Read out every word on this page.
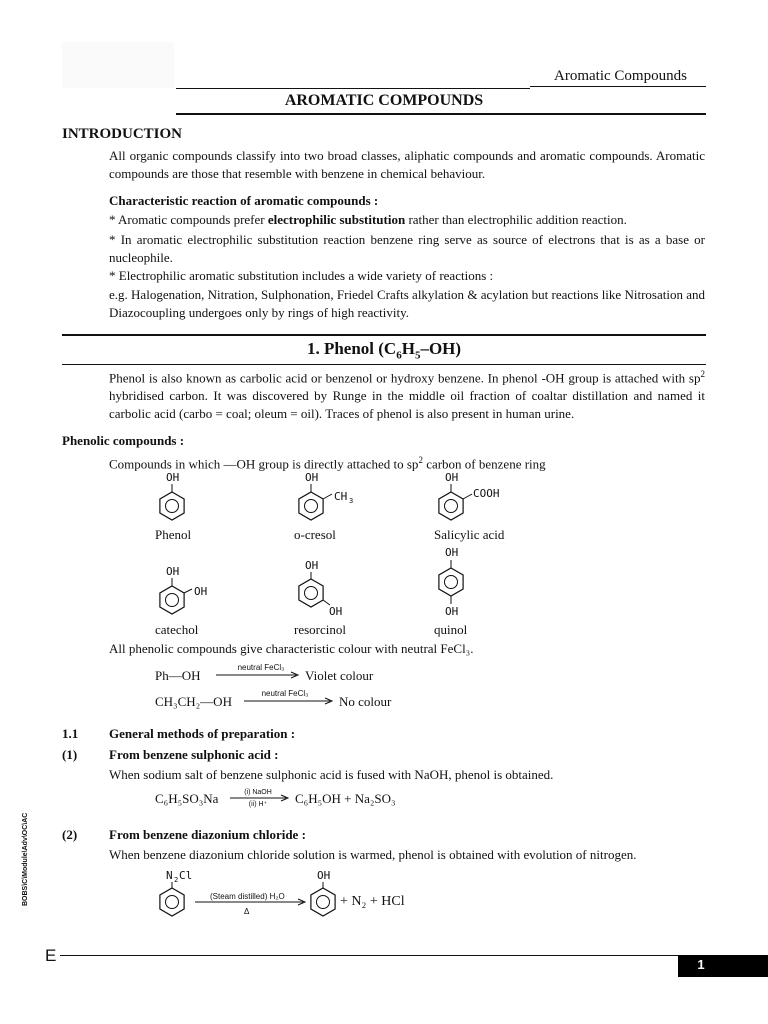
Aromatic Compounds
AROMATIC COMPOUNDS
INTRODUCTION
All organic compounds classify into two broad classes, aliphatic compounds and aromatic compounds. Aromatic compounds are those that resemble with benzene in chemical behaviour.
Characteristic reaction of aromatic compounds :
* Aromatic compounds prefer electrophilic substitution rather than electrophilic addition reaction.
* In aromatic electrophilic substitution reaction benzene ring serve as source of electrons that is as a base or nucleophile.
* Electrophilic aromatic substitution includes a wide variety of reactions :
e.g. Halogenation, Nitration, Sulphonation, Friedel Crafts alkylation & acylation but reactions like Nitrosation and Diazocoupling undergoes only by rings of high reactivity.
1. Phenol $(C_6H_5-OH)$
Phenol is also known as carbolic acid or benzenol or hydroxy benzene. In phenol -OH group is attached with $sp^2$ hybridised carbon. It was discovered by Runge in the middle oil fraction of coaltar distillation and named it carbolic acid (carbo = coal; oleum = oil). Traces of phenol is also present in human urine.
Phenolic compounds :
Compounds in which —OH group is directly attached to $sp^2$ carbon of benzene ring
OH	OH
CH 3
OH
COOH
OH
OH
OH
OH
OH
OH
Phenol	o-cresol	Salicylic acid
catechol	resorcinol	quinol
All phenolic compounds give characteristic colour with neutral FeCl₃.
Ph—OH
neutral FeCl₃
Violet colour
CH₃CH₂—OH
neutral FeCl₃
No colour
1.1 General methods of preparation :
(1) From benzene sulphonic acid :
When sodium salt of benzene sulphonic acid is fused with NaOH, phenol is obtained.
C₆H₅SO₃Na	(i) NaOH
(ii) H⁺	C₆H₅OH + Na₂SO₃
(2) From benzene diazonium chloride :
When benzene diazonium chloride solution is warmed, phenol is obtained with evolution of nitrogen.
N 2 Cl
(Steam distilled) H₂O
Δ
OH
+ N₂ + HCl
BOBS\C\Module\Adv\OC\AC
E	1
